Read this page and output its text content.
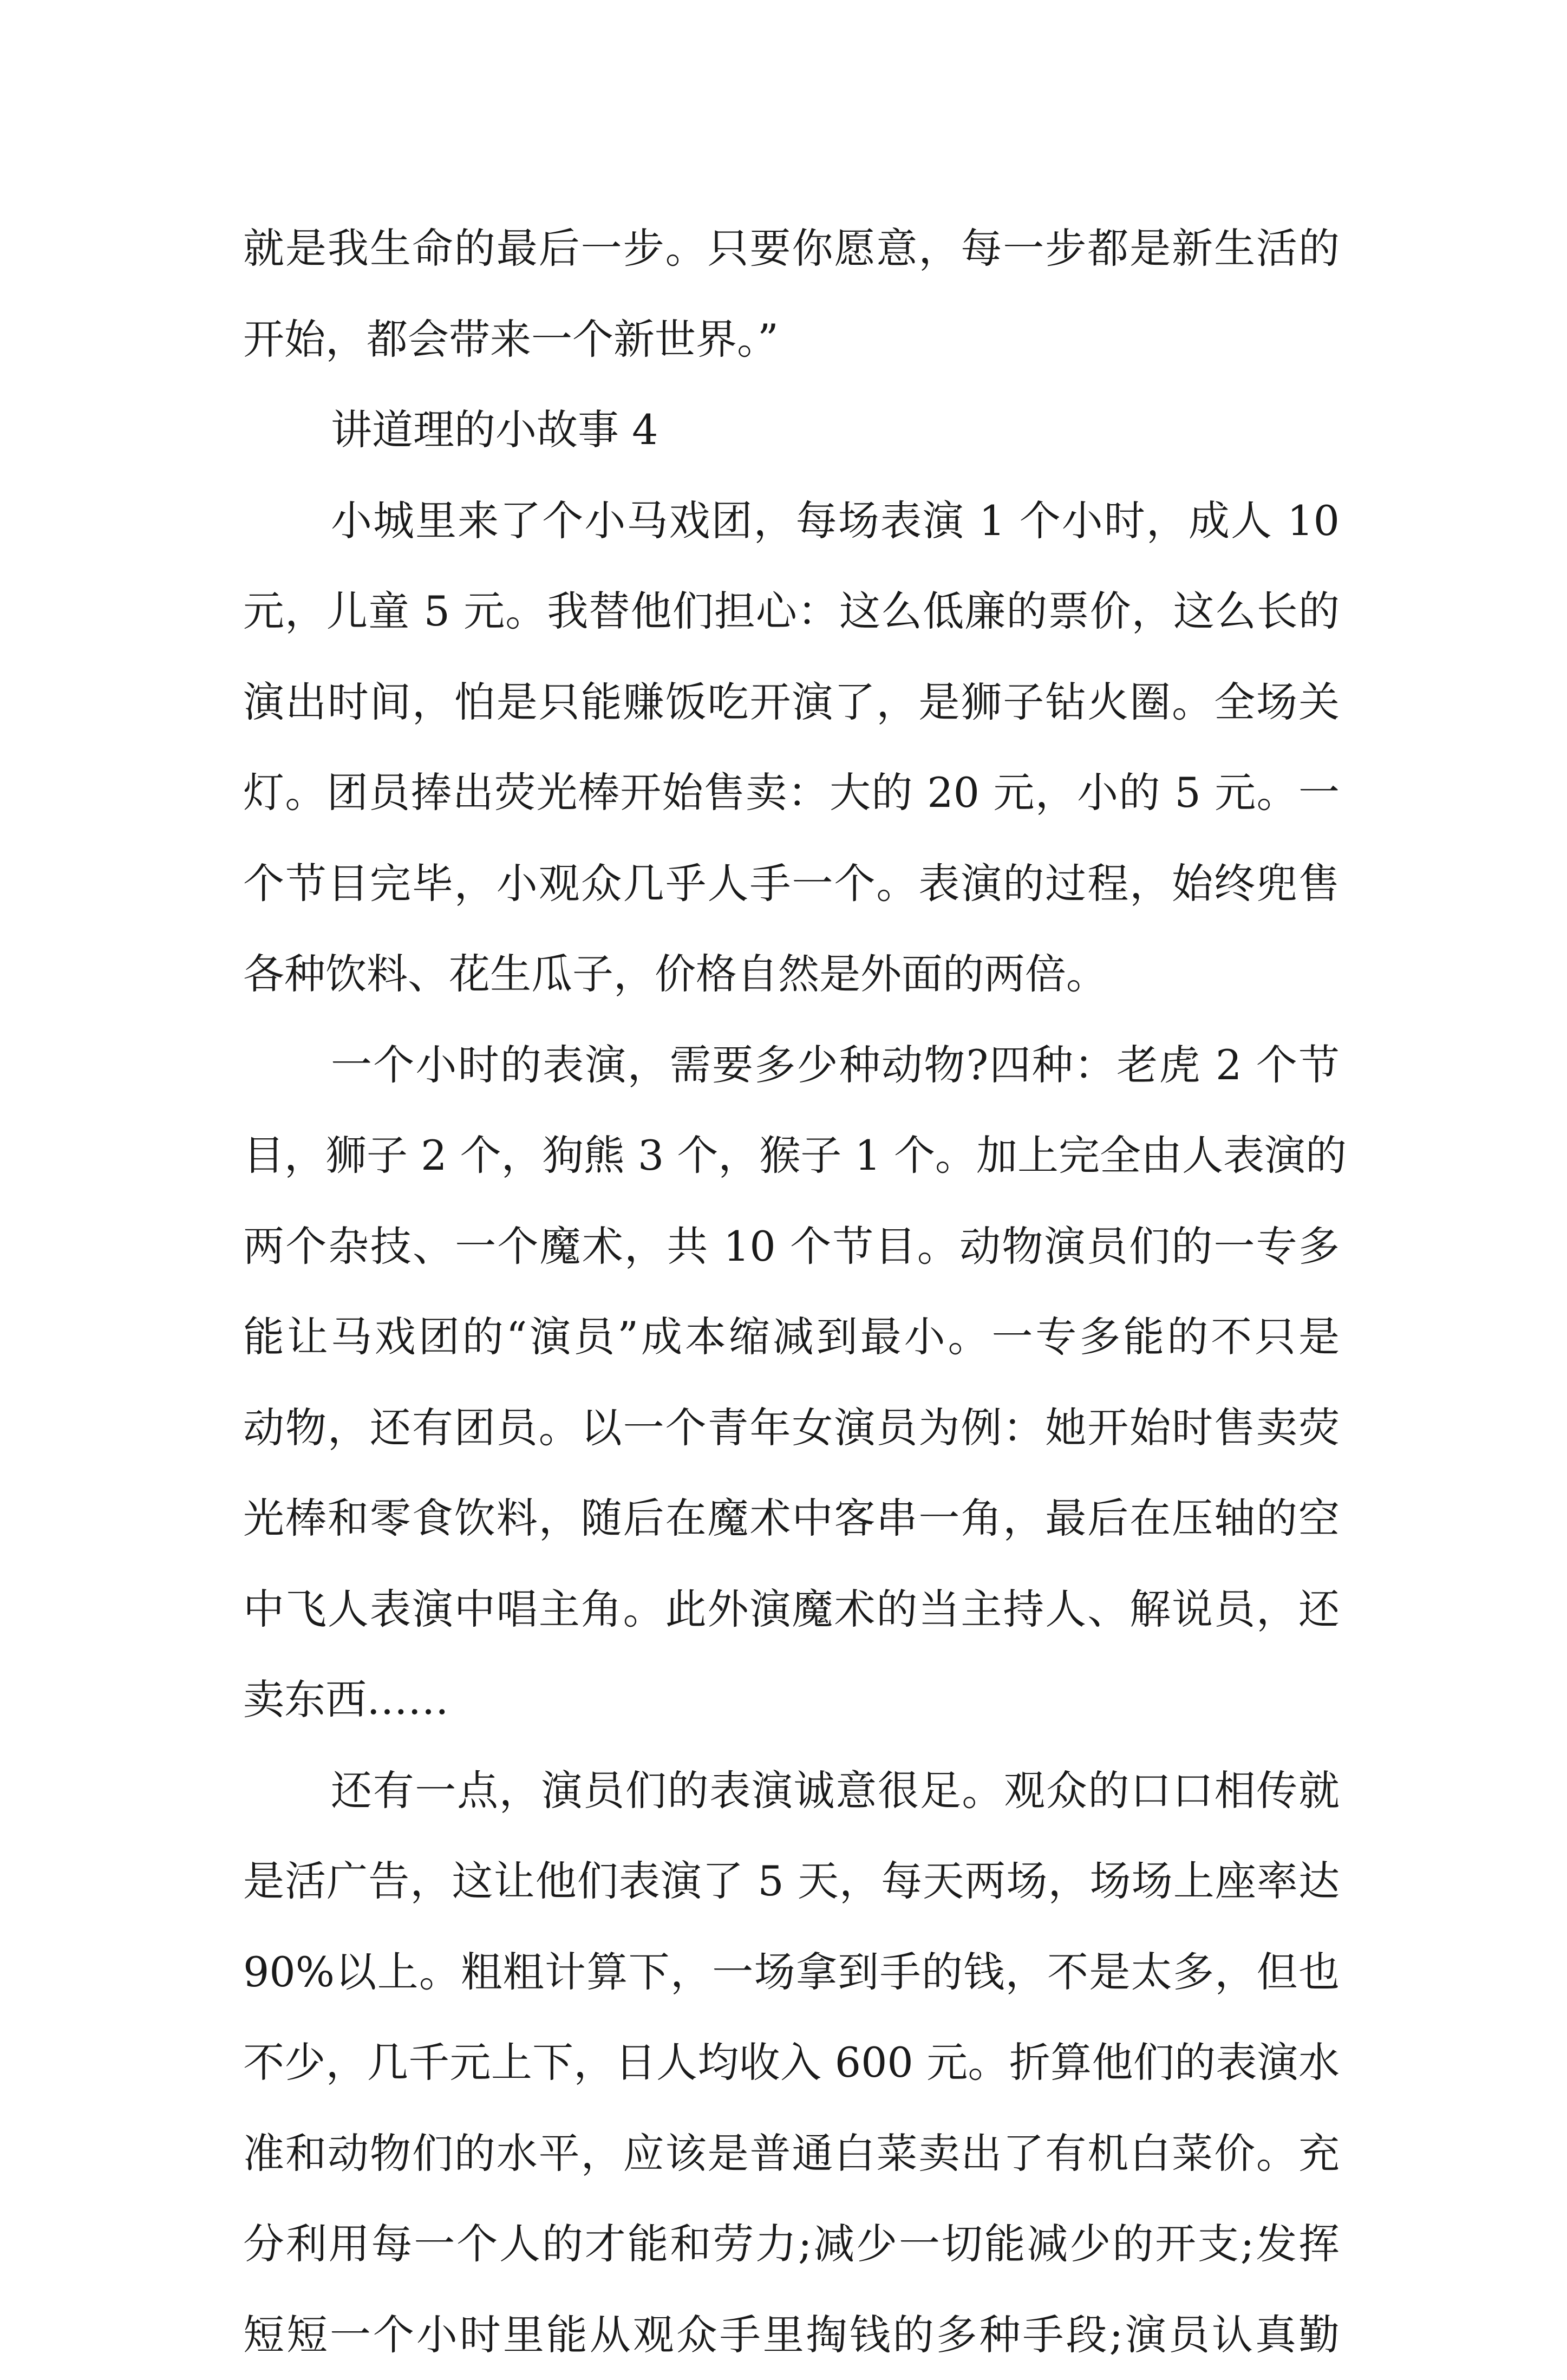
就是我生命的最后一步。只要你愿意，每一步都是新生活的
开始，都会带来一个新世界。”
讲道理的小故事 4
小城里来了个小马戏团，每场表演 1 个小时，成人 10
元，儿童 5 元。我替他们担心：这么低廉的票价，这么长的
演出时间，怕是只能赚饭吃开演了，是狮子钻火圈。全场关
灯。团员捧出荧光棒开始售卖：大的 20 元，小的 5 元。一
个节目完毕，小观众几乎人手一个。表演的过程，始终兜售
各种饮料、花生瓜子，价格自然是外面的两倍。
一个小时的表演，需要多少种动物?四种：老虎 2 个节
目，狮子 2 个，狗熊 3 个，猴子 1 个。加上完全由人表演的
两个杂技、一个魔术，共 10 个节目。动物演员们的一专多
能让马戏团的“演员”成本缩减到最小。一专多能的不只是
动物，还有团员。以一个青年女演员为例：她开始时售卖荧
光棒和零食饮料，随后在魔术中客串一角，最后在压轴的空
中飞人表演中唱主角。此外演魔术的当主持人、解说员，还
卖东西……
还有一点，演员们的表演诚意很足。观众的口口相传就
是活广告，这让他们表演了 5 天，每天两场，场场上座率达
90%以上。粗粗计算下，一场拿到手的钱，不是太多，但也
不少，几千元上下，日人均收入 600 元。折算他们的表演水
准和动物们的水平，应该是普通白菜卖出了有机白菜价。充
分利用每一个人的才能和劳力;减少一切能减少的开支;发挥
短短一个小时里能从观众手里掏钱的多种手段;演员认真勤
